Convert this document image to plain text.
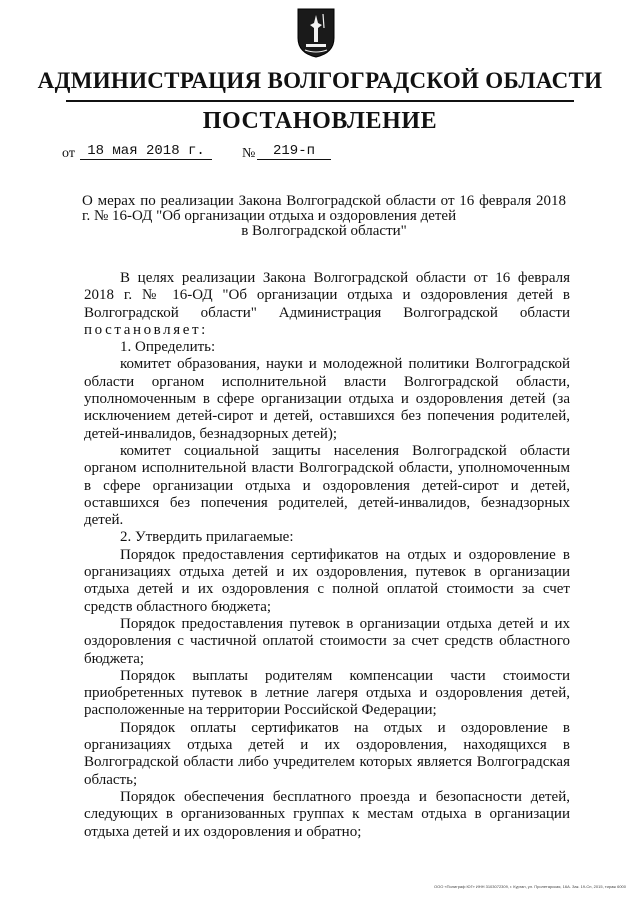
АДМИНИСТРАЦИЯ ВОЛГОГРАДСКОЙ ОБЛАСТИ
ПОСТАНОВЛЕНИЕ
от 18 мая 2018 г.	№	219-п
О мерах по реализации Закона Волгоградской области от 16 февраля 2018 г. № 16-ОД "Об организации отдыха и оздоровления детей
в Волгоградской области"

В целях реализации Закона Волгоградской области от 16 февраля 2018 г. № 16-ОД "Об организации отдыха и оздоровления детей в Волгоградской области" Администрация Волгоградской области постановляет:

1. Определить:

комитет образования, науки и молодежной политики Волгоградской области органом исполнительной власти Волгоградской области, уполномоченным в сфере организации отдыха и оздоровления детей (за исключением детей-сирот и детей, оставшихся без попечения родителей, детей-инвалидов, безнадзорных детей);

комитет социальной защиты населения Волгоградской области органом исполнительной власти Волгоградской области, уполномоченным в сфере организации отдыха и оздоровления детей-сирот и детей, оставшихся без попечения родителей, детей-инвалидов, безнадзорных детей.

2. Утвердить прилагаемые:

Порядок предоставления сертификатов на отдых и оздоровление в организациях отдыха детей и их оздоровления, путевок в организации отдыха детей и их оздоровления с полной оплатой стоимости за счет средств областного бюджета;

Порядок предоставления путевок в организации отдыха детей и их оздоровления с частичной оплатой стоимости за счет средств областного бюджета;

Порядок выплаты родителям компенсации части стоимости приобретенных путевок в летние лагеря отдыха и оздоровления детей, расположенные на территории Российской Федерации;

Порядок оплаты сертификатов на отдых и оздоровление в организациях отдыха детей и их оздоровления, находящихся в Волгоградской области либо учредителем которых является Волгоградская область;

Порядок обеспечения бесплатного проезда и безопасности детей, следующих в организованных группах к местам отдыха в организации отдыха детей и их оздоровления и обратно;

ООО «Полиграф ЮГ» ИНН 3103072309, г. Курган, ул. Пролетарская, 16А. Зак. 19-Сн, 2015, тираж 6000
